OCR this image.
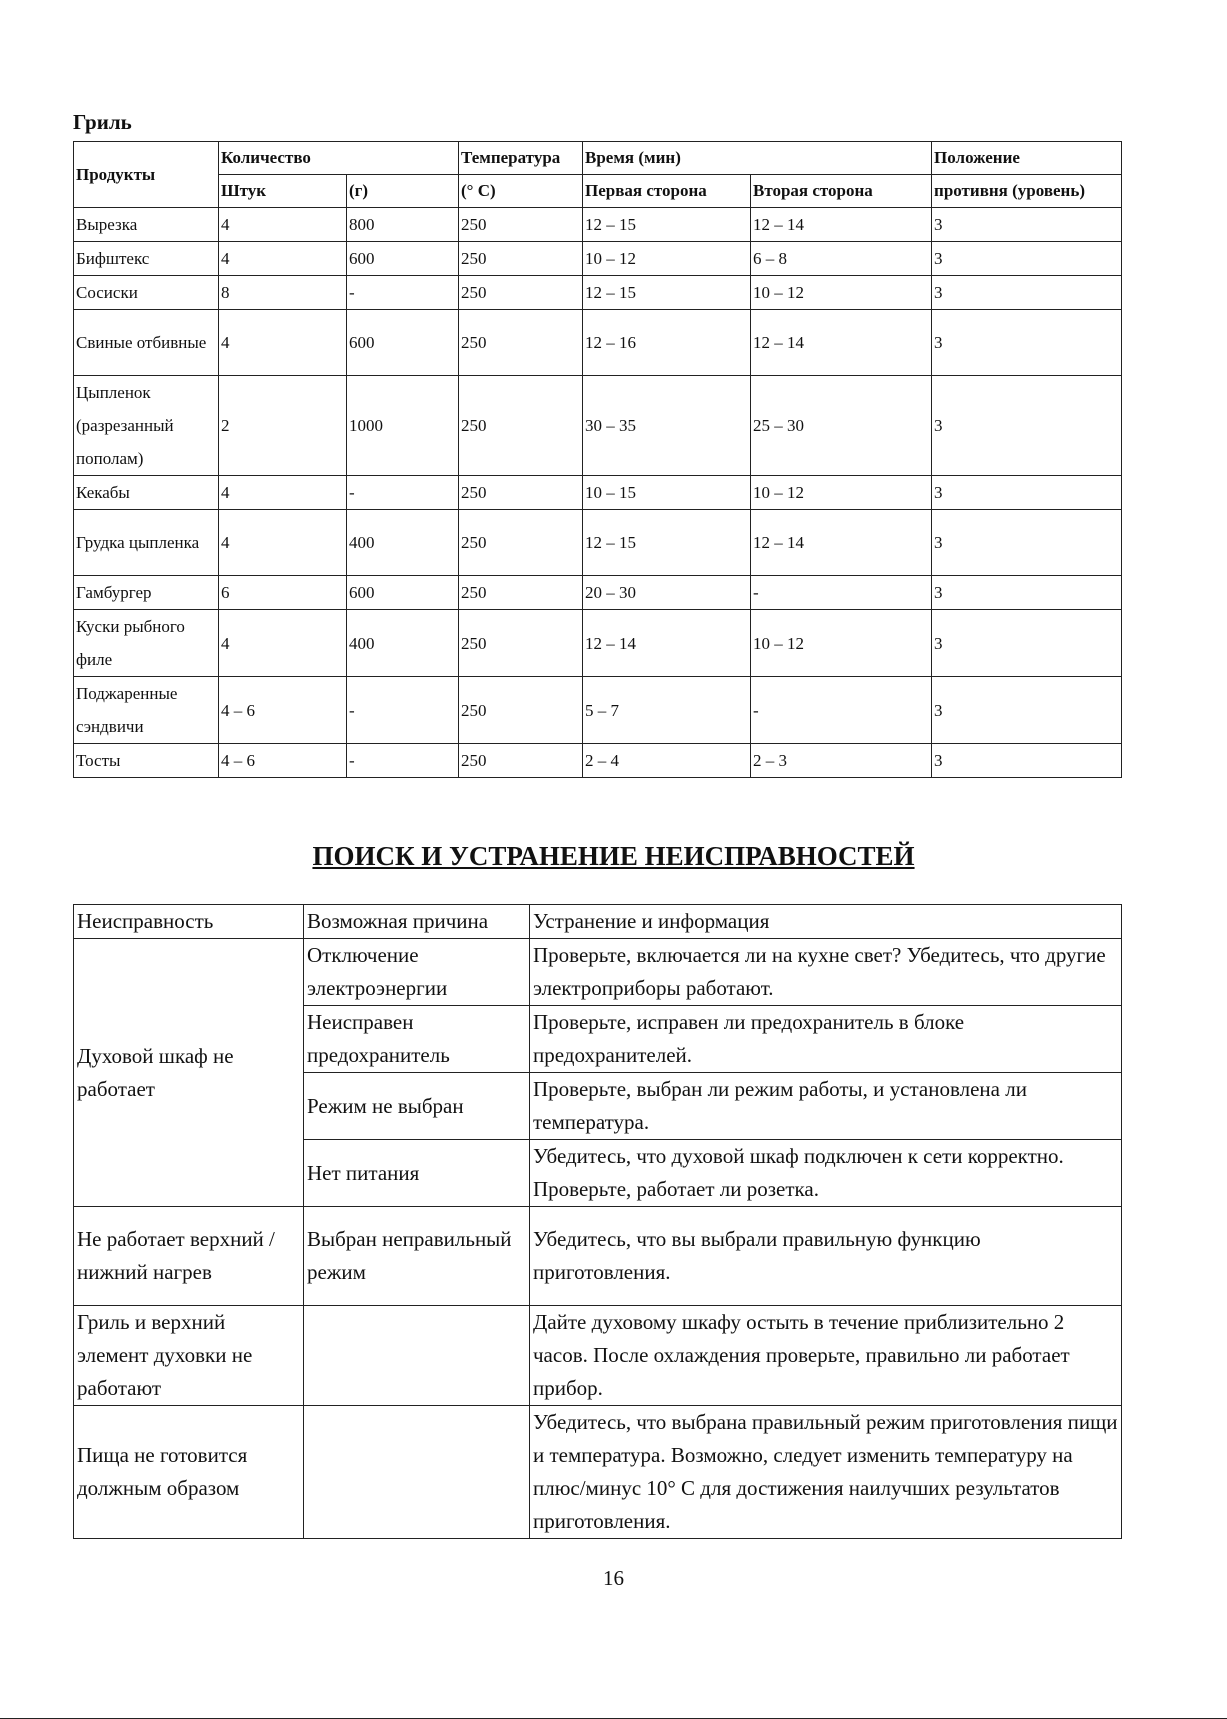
Гриль
Продукты	Количество		Температура	Время (мин)		Положение
	Штук	(г)	(° C)	Первая сторона	Вторая сторона	противня (уровень)
Вырезка	4	800	250	12 – 15	12 – 14	3
Бифштекс	4	600	250	10 – 12	6 – 8	3
Сосиски	8	-	250	12 – 15	10 – 12	3
Свиные отбивные	4	600	250	12 – 16	12 – 14	3
Цыпленок (разрезанный пополам)	2	1000	250	30 – 35	25 – 30	3
Кекабы	4	-	250	10 – 15	10 – 12	3
Грудка цыпленка	4	400	250	12 – 15	12 – 14	3
Гамбургер	6	600	250	20 – 30	-	3
Куски рыбного филе	4	400	250	12 – 14	10 – 12	3
Поджаренные сэндвичи	4 – 6	-	250	5 – 7	-	3
Тосты	4 – 6	-	250	2 – 4	2 – 3	3
ПОИСК И УСТРАНЕНИЕ НЕИСПРАВНОСТЕЙ
Неисправность	Возможная причина	Устранение и информация
Духовой шкаф не работает	Отключение электроэнергии	Проверьте, включается ли на кухне свет? Убедитесь, что другие электроприборы работают.
	Неисправен предохранитель	Проверьте, исправен ли предохранитель в блоке предохранителей.
	Режим не выбран	Проверьте, выбран ли режим работы, и установлена ли температура.
	Нет питания	Убедитесь, что духовой шкаф подключен к сети корректно. Проверьте, работает ли розетка.
Не работает верхний / нижний нагрев	Выбран неправильный режим	Убедитесь, что вы выбрали правильную функцию приготовления.
Гриль и верхний элемент духовки не работают		Дайте духовому шкафу остыть в течение приблизительно 2 часов. После охлаждения проверьте, правильно ли работает прибор.
Пища не готовится должным образом		Убедитесь, что выбрана правильный режим приготовления пищи и температура. Возможно, следует изменить температуру на плюс/минус 10° C для достижения наилучших результатов приготовления.
16
